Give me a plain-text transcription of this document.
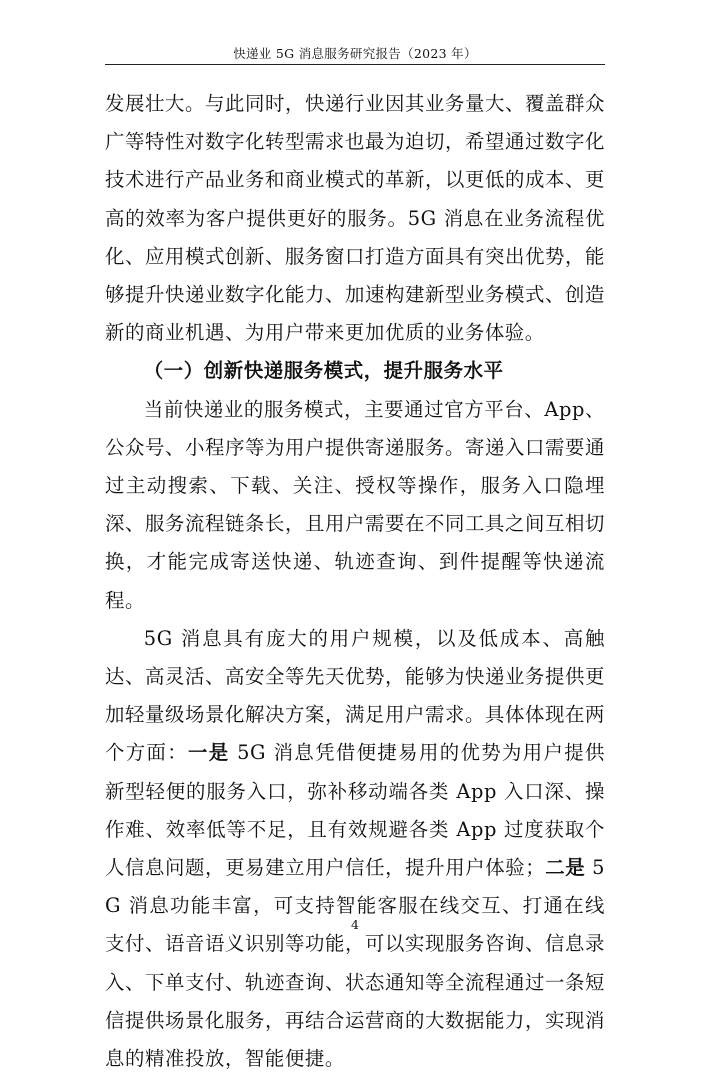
快递业 5G 消息服务研究报告（2023 年）

发展壮大。与此同时，快递行业因其业务量大、覆盖群众广等特性对数字化转型需求也最为迫切，希望通过数字化技术进行产品业务和商业模式的革新，以更低的成本、更高的效率为客户提供更好的服务。5G 消息在业务流程优化、应用模式创新、服务窗口打造方面具有突出优势，能够提升快递业数字化能力、加速构建新型业务模式、创造新的商业机遇、为用户带来更加优质的业务体验。

（一）创新快递服务模式，提升服务水平

当前快递业的服务模式，主要通过官方平台、App、公众号、小程序等为用户提供寄递服务。寄递入口需要通过主动搜索、下载、关注、授权等操作，服务入口隐埋深、服务流程链条长，且用户需要在不同工具之间互相切换，才能完成寄送快递、轨迹查询、到件提醒等快递流程。

5G 消息具有庞大的用户规模，以及低成本、高触达、高灵活、高安全等先天优势，能够为快递业务提供更加轻量级场景化解决方案，满足用户需求。具体体现在两个方面：一是 5G 消息凭借便捷易用的优势为用户提供新型轻便的服务入口，弥补移动端各类 App 入口深、操作难、效率低等不足，且有效规避各类 App 过度获取个人信息问题，更易建立用户信任，提升用户体验；二是 5G 消息功能丰富，可支持智能客服在线交互、打通在线支付、语音语义识别等功能，可以实现服务咨询、信息录入、下单支付、轨迹查询、状态通知等全流程通过一条短信提供场景化服务，再结合运营商的大数据能力，实现消息的精准投放，智能便捷。

4
